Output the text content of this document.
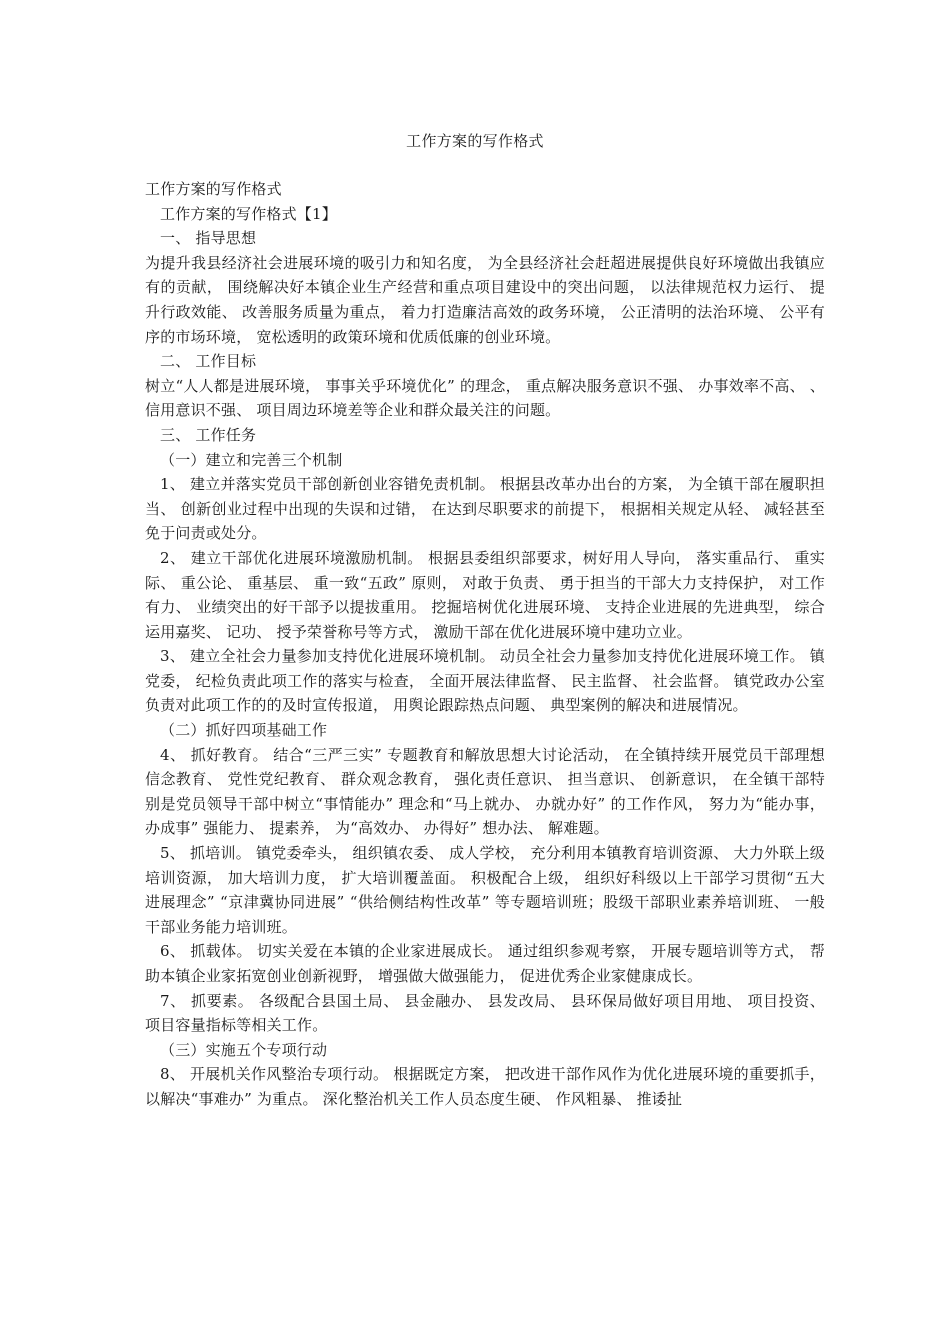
工作方案的写作格式

工作方案的写作格式

工作方案的写作格式【1】

一、 指导思想

为提升我县经济社会进展环境的吸引力和知名度， 为全县经济社会赶超进展提供良好环境做出我镇应有的贡献， 围绕解决好本镇企业生产经营和重点项目建设中的突出问题， 以法律规范权力运行、 提升行政效能、 改善服务质量为重点， 着力打造廉洁高效的政务环境， 公正清明的法治环境、 公平有序的市场环境， 宽松透明的政策环境和优质低廉的创业环境。

二、 工作目标

树立“人人都是进展环境， 事事关乎环境优化” 的理念， 重点解决服务意识不强、 办事效率不高、 、 信用意识不强、 项目周边环境差等企业和群众最关注的问题。

三、 工作任务

（一）建立和完善三个机制

1、 建立并落实党员干部创新创业容错免责机制。 根据县改革办出台的方案， 为全镇干部在履职担当、 创新创业过程中出现的失误和过错， 在达到尽职要求的前提下， 根据相关规定从轻、 减轻甚至免于问责或处分。

2、 建立干部优化进展环境激励机制。 根据县委组织部要求，树好用人导向， 落实重品行、 重实际、 重公论、 重基层、 重一致“五政” 原则， 对敢于负责、 勇于担当的干部大力支持保护， 对工作有力、 业绩突出的好干部予以提拔重用。 挖掘培树优化进展环境、 支持企业进展的先进典型， 综合运用嘉奖、 记功、 授予荣誉称号等方式， 激励干部在优化进展环境中建功立业。

3、 建立全社会力量参加支持优化进展环境机制。 动员全社会力量参加支持优化进展环境工作。 镇党委， 纪检负责此项工作的落实与检查， 全面开展法律监督、 民主监督、 社会监督。 镇党政办公室负责对此项工作的的及时宣传报道， 用舆论跟踪热点问题、 典型案例的解决和进展情况。

（二）抓好四项基础工作

4、 抓好教育。 结合“三严三实” 专题教育和解放思想大讨论活动， 在全镇持续开展党员干部理想信念教育、 党性党纪教育、 群众观念教育， 强化责任意识、 担当意识、 创新意识， 在全镇干部特别是党员领导干部中树立“事情能办” 理念和“马上就办、 办就办好” 的工作作风， 努力为“能办事， 办成事” 强能力、 提素养， 为“高效办、 办得好” 想办法、 解难题。

5、 抓培训。 镇党委牵头， 组织镇农委、 成人学校， 充分利用本镇教育培训资源、 大力外联上级培训资源， 加大培训力度， 扩大培训覆盖面。 积极配合上级， 组织好科级以上干部学习贯彻“五大进展理念” “京津冀协同进展” “供给侧结构性改革” 等专题培训班；股级干部职业素养培训班、 一般干部业务能力培训班。

6、 抓载体。 切实关爱在本镇的企业家进展成长。 通过组织参观考察， 开展专题培训等方式， 帮助本镇企业家拓宽创业创新视野， 增强做大做强能力， 促进优秀企业家健康成长。

7、 抓要素。 各级配合县国土局、 县金融办、 县发改局、 县环保局做好项目用地、 项目投资、 项目容量指标等相关工作。

（三）实施五个专项行动

8、 开展机关作风整治专项行动。 根据既定方案， 把改进干部作风作为优化进展环境的重要抓手， 以解决“事难办” 为重点。 深化整治机关工作人员态度生硬、 作风粗暴、 推诿扯
